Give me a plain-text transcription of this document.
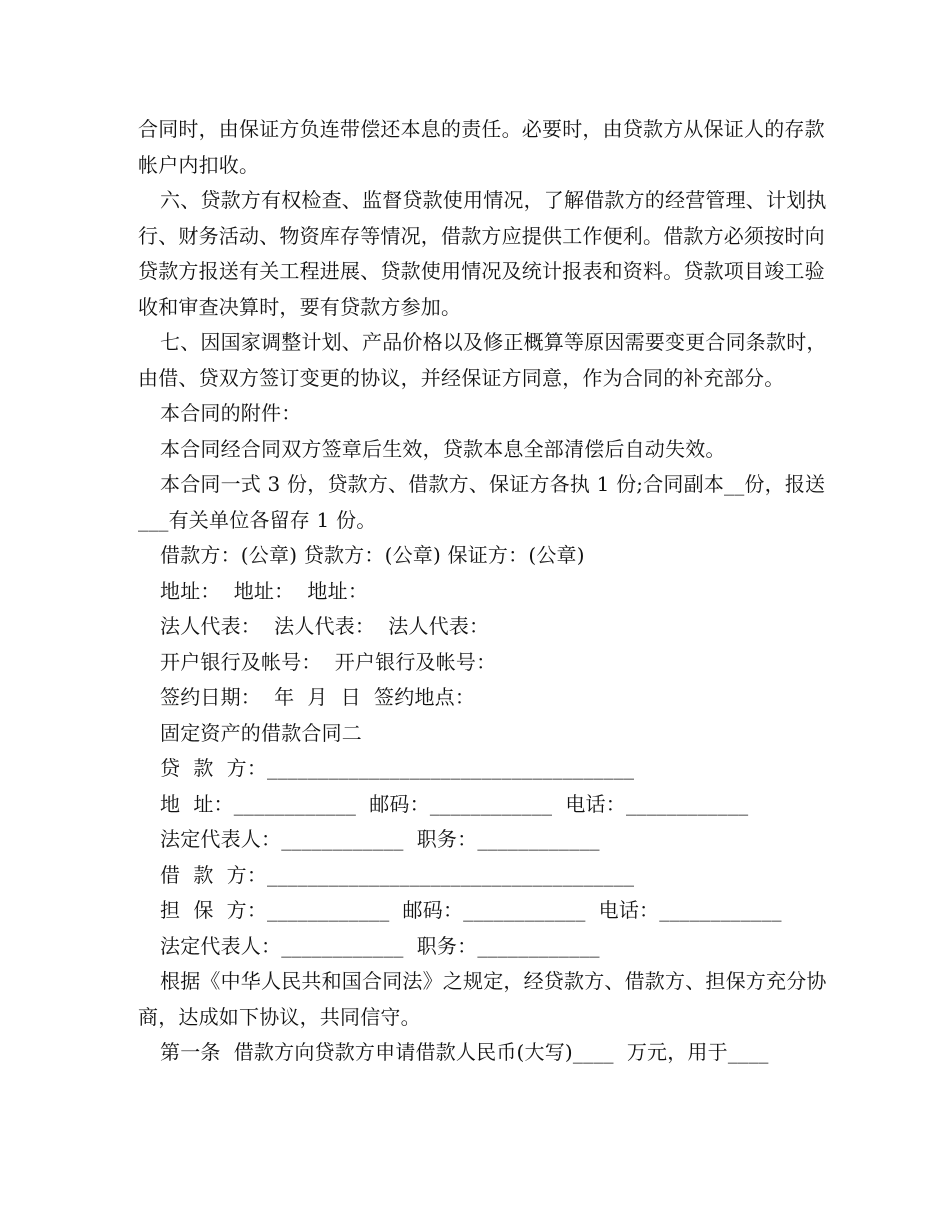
合同时，由保证方负连带偿还本息的责任。必要时，由贷款方从保证人的存款帐户内扣收。

六、贷款方有权检查、监督贷款使用情况，了解借款方的经营管理、计划执行、财务活动、物资库存等情况，借款方应提供工作便利。借款方必须按时向贷款方报送有关工程进展、贷款使用情况及统计报表和资料。贷款项目竣工验收和审查决算时，要有贷款方参加。

七、因国家调整计划、产品价格以及修正概算等原因需要变更合同条款时，由借、贷双方签订变更的协议，并经保证方同意，作为合同的补充部分。

本合同的附件：

本合同经合同双方签章后生效，贷款本息全部清偿后自动失效。

本合同一式 3 份，贷款方、借款方、保证方各执 1 份;合同副本__份，报送___有关单位各留存 1 份。

借款方：(公章) 贷款方：(公章) 保证方：(公章)

地址：  地址：  地址：

法人代表：  法人代表：  法人代表：

开户银行及帐号：  开户银行及帐号：

签约日期：  年  月  日  签约地点：

固定资产的借款合同二

贷  款  方：____________________________________

地  址：____________  邮码：____________  电话：____________

法定代表人：____________  职务：____________

借  款  方：____________________________________

担  保  方：____________  邮码：____________  电话：____________

法定代表人：____________  职务：____________

根据《中华人民共和国合同法》之规定，经贷款方、借款方、担保方充分协商，达成如下协议，共同信守。

第一条  借款方向贷款方申请借款人民币(大写)____  万元，用于____
